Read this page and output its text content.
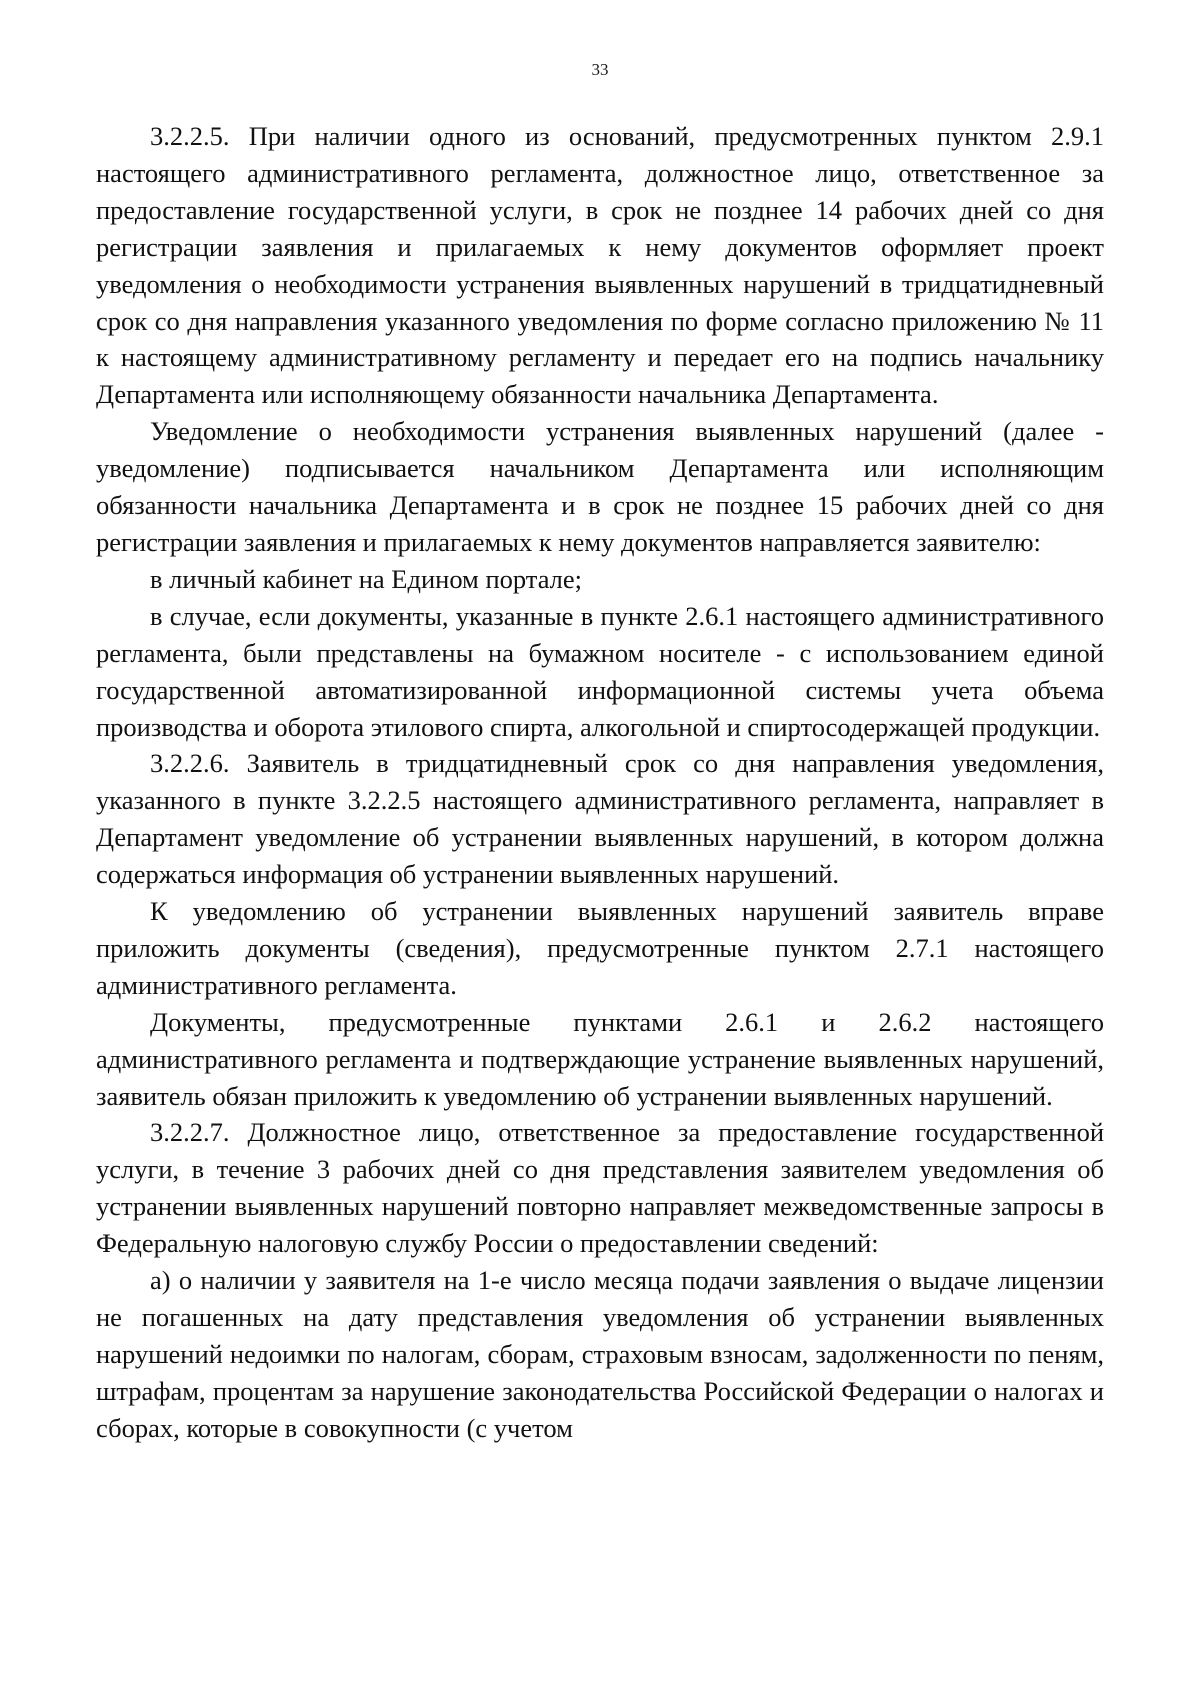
33

3.2.2.5. При наличии одного из оснований, предусмотренных пунктом 2.9.1 настоящего административного регламента, должностное лицо, ответственное за предоставление государственной услуги, в срок не позднее 14 рабочих дней со дня регистрации заявления и прилагаемых к нему документов оформляет проект уведомления о необходимости устранения выявленных нарушений в тридцатидневный срок со дня направления указанного уведомления по форме согласно приложению № 11 к настоящему административному регламенту и передает его на подпись начальнику Департамента или исполняющему обязанности начальника Департамента.

Уведомление о необходимости устранения выявленных нарушений (далее - уведомление) подписывается начальником Департамента или исполняющим обязанности начальника Департамента и в срок не позднее 15 рабочих дней со дня регистрации заявления и прилагаемых к нему документов направляется заявителю:

в личный кабинет на Едином портале;

в случае, если документы, указанные в пункте 2.6.1 настоящего административного регламента, были представлены на бумажном носителе - с использованием единой государственной автоматизированной информационной системы учета объема производства и оборота этилового спирта, алкогольной и спиртосодержащей продукции.

3.2.2.6. Заявитель в тридцатидневный срок со дня направления уведомления, указанного в пункте 3.2.2.5 настоящего административного регламента, направляет в Департамент уведомление об устранении выявленных нарушений, в котором должна содержаться информация об устранении выявленных нарушений.

К уведомлению об устранении выявленных нарушений заявитель вправе приложить документы (сведения), предусмотренные пунктом 2.7.1 настоящего административного регламента.

Документы, предусмотренные пунктами 2.6.1 и 2.6.2 настоящего административного регламента и подтверждающие устранение выявленных нарушений, заявитель обязан приложить к уведомлению об устранении выявленных нарушений.

3.2.2.7. Должностное лицо, ответственное за предоставление государственной услуги, в течение 3 рабочих дней со дня представления заявителем уведомления об устранении выявленных нарушений повторно направляет межведомственные запросы в Федеральную налоговую службу России о предоставлении сведений:

а) о наличии у заявителя на 1-е число месяца подачи заявления о выдаче лицензии не погашенных на дату представления уведомления об устранении выявленных нарушений недоимки по налогам, сборам, страховым взносам, задолженности по пеням, штрафам, процентам за нарушение законодательства Российской Федерации о налогах и сборах, которые в совокупности (с учетом
